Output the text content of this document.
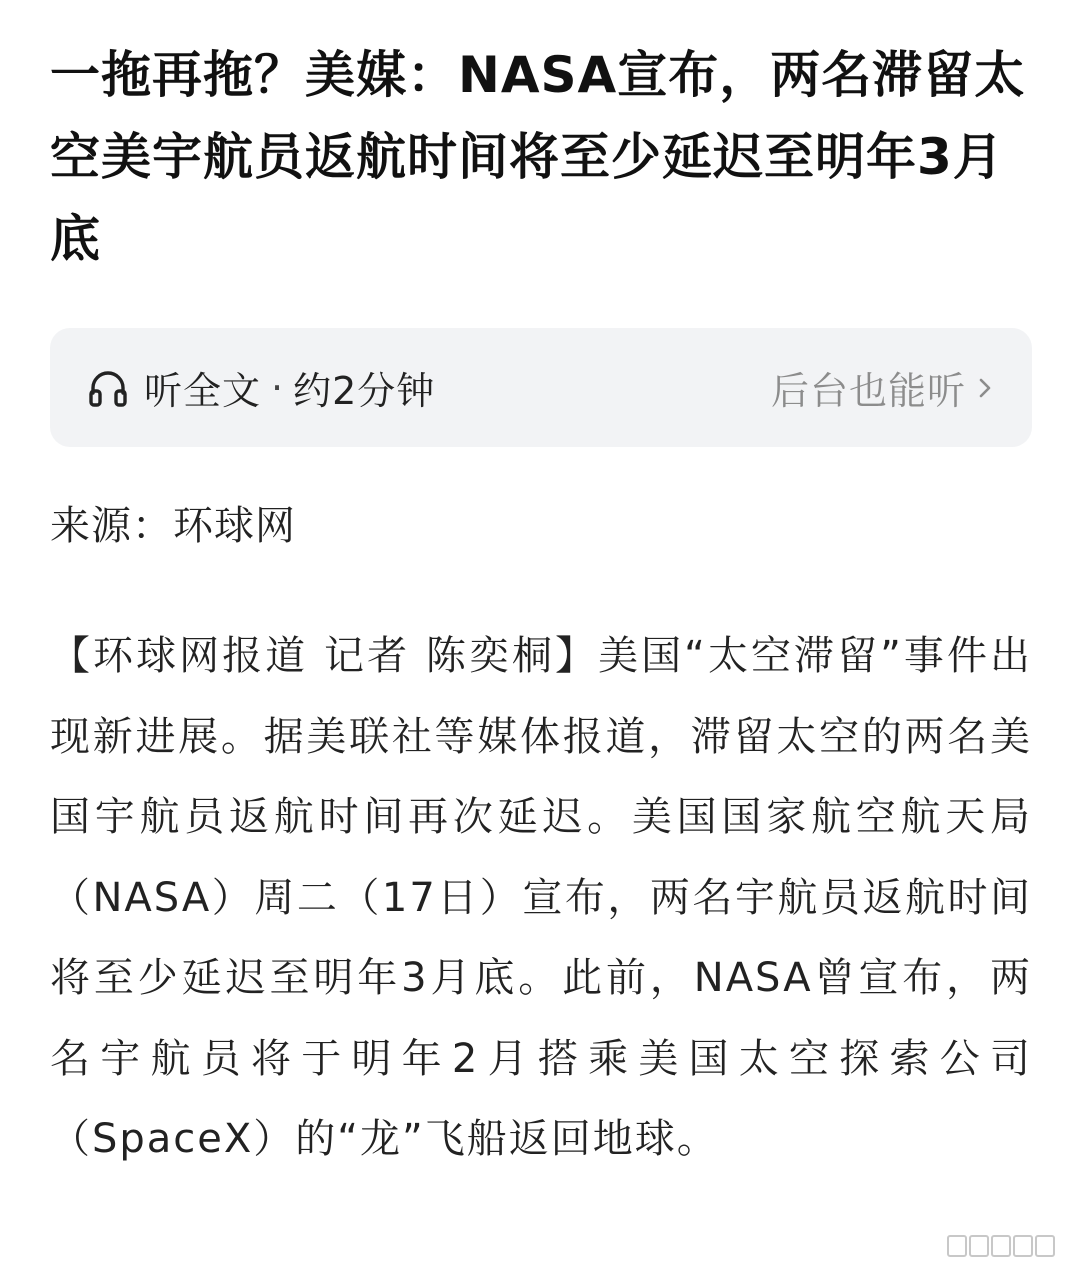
一拖再拖？美媒：NASA宣布，两名滞留太空美宇航员返航时间将至少延迟至明年3月底
听全文 · 约2分钟	后台也能听
来源：环球网

【环球网报道 记者 陈奕桐】美国“太空滞留”事件出现新进展。据美联社等媒体报道，滞留太空的两名美国宇航员返航时间再次延迟。美国国家航空航天局（NASA）周二（17日）宣布，两名宇航员返航时间将至少延迟至明年3月底。此前，NASA曾宣布，两名宇航员将于明年2月搭乘美国太空探索公司（SpaceX）的“龙”飞船返回地球。
